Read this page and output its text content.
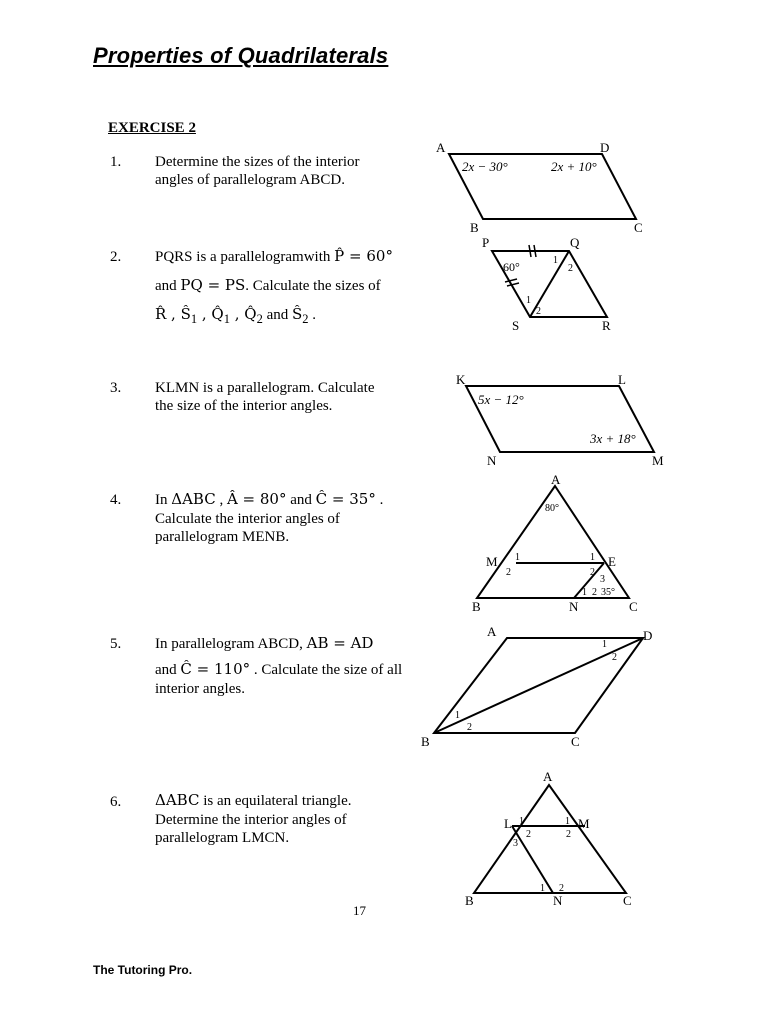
Properties of Quadrilaterals
EXERCISE 2
1. Determine the sizes of the interior
angles of parallelogram ABCD.
2. PQRS is a parallelogramwith P̂ = 60°
and PQ = PS. Calculate the sizes of
R̂ , $Ŝ_1$ , $Q̂_1$ , $Q̂_2$ and $Ŝ_2$ .
3. KLMN is a parallelogram. Calculate
the size of the interior angles.
4. In ΔABC , Â = 80° and Ĉ = 35° .
Calculate the interior angles of
parallelogram MENB.
5. In parallelogram ABCD, AB = AD
and Ĉ = 110° . Calculate the size of all
interior angles.
6. ΔABC is an equilateral triangle.
Determine the interior angles of
parallelogram LMCN.
17
The Tutoring Pro.
A	D
B	C
2x − 30°	2x + 10°
P	Q
S	R
60°	1
2
1
2
K	L
N	M
5x − 12°
3x + 18°
A
M	E
B	N	C
80°
1
2
1
2
3
1 2 35°
A	D
B	C
1
2
1
2
A
L	M
B	N	C
1	1
2	2
3
1 2
